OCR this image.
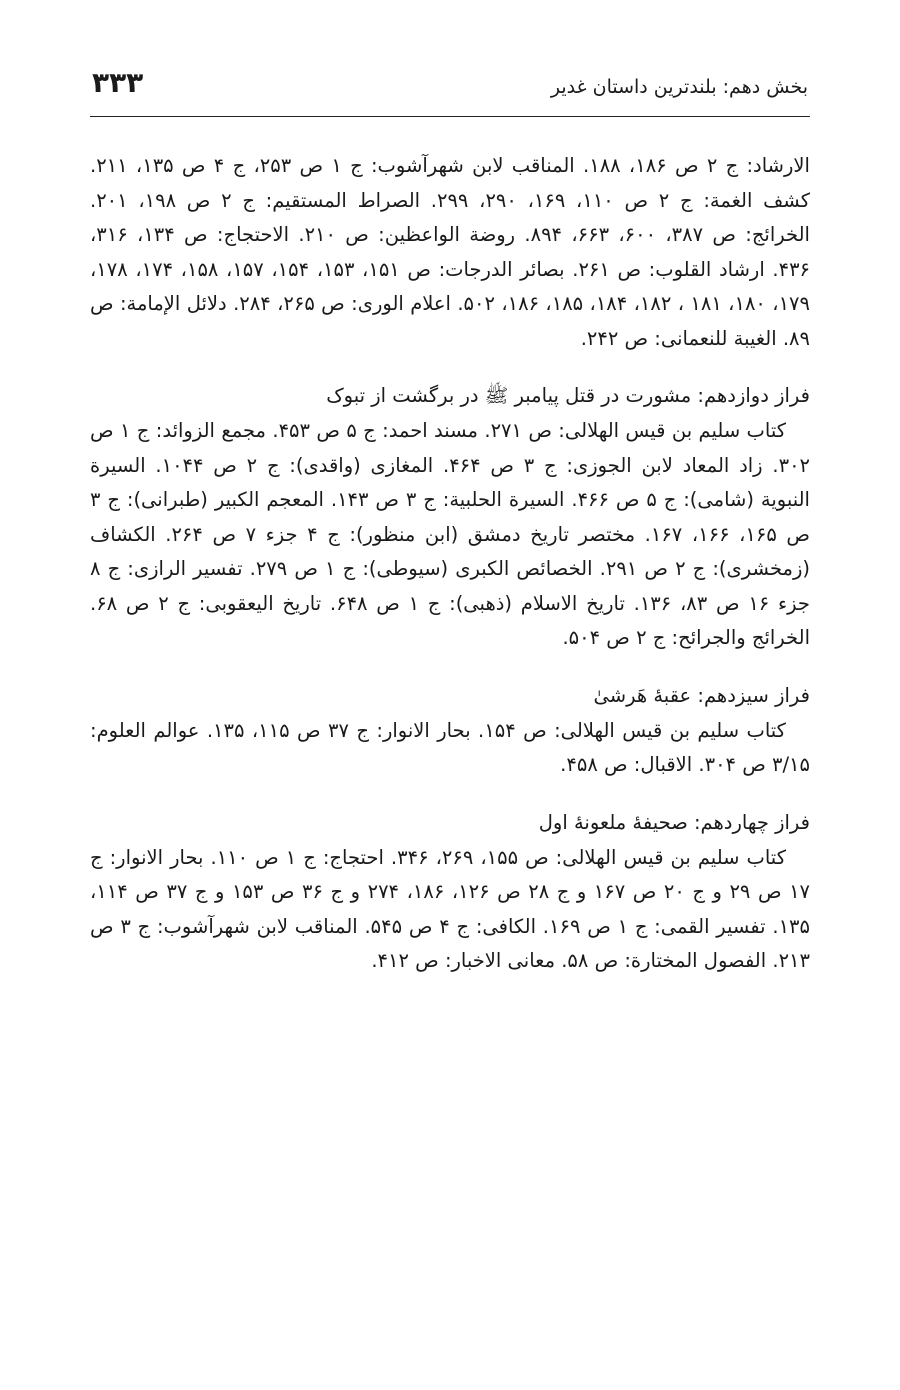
بخش دهم: بلندترین داستان غدیر
۳۳۳

الارشاد: ج ۲ ص ۱۸۶، ۱۸۸. المناقب لابن شهرآشوب: ج ۱ ص ۲۵۳، ج ۴ ص ۱۳۵، ۲۱۱. کشف الغمة: ج ۲ ص ۱۱۰، ۱۶۹، ۲۹۰، ۲۹۹. الصراط المستقیم: ج ۲ ص ۱۹۸، ۲۰۱. الخرائج: ص ۳۸۷، ۶۰۰، ۶۶۳، ۸۹۴. روضة الواعظین: ص ۲۱۰. الاحتجاج: ص ۱۳۴، ۳۱۶، ۴۳۶. ارشاد القلوب: ص ۲۶۱. بصائر الدرجات: ص ۱۵۱، ۱۵۳، ۱۵۴، ۱۵۷، ۱۵۸، ۱۷۴، ۱۷۸، ۱۷۹، ۱۸۰، ۱۸۱ ، ۱۸۲، ۱۸۴، ۱۸۵، ۱۸۶، ۵۰۲. اعلام الوری: ص ۲۶۵، ۲۸۴. دلائل الإمامة: ص ۸۹. الغیبة للنعمانی: ص ۲۴۲.

فراز دوازدهم: مشورت در قتل پیامبر ﷺ در برگشت از تبوک

کتاب سلیم بن قیس الهلالی: ص ۲۷۱. مسند احمد: ج ۵ ص ۴۵۳. مجمع الزوائد: ج ۱ ص ۳۰۲. زاد المعاد لابن الجوزی: ج ۳ ص ۴۶۴. المغازی (واقدی): ج ۲ ص ۱۰۴۴. السیرة النبویة (شامی): ج ۵ ص ۴۶۶. السیرة الحلبیة: ج ۳ ص ۱۴۳. المعجم الکبیر (طبرانی): ج ۳ ص ۱۶۵، ۱۶۶، ۱۶۷. مختصر تاریخ دمشق (ابن منظور): ج ۴ جزء ۷ ص ۲۶۴. الکشاف (زمخشری): ج ۲ ص ۲۹۱. الخصائص الکبری (سیوطی): ج ۱ ص ۲۷۹. تفسیر الرازی: ج ۸ جزء ۱۶ ص ۸۳، ۱۳۶. تاریخ الاسلام (ذهبی): ج ۱ ص ۶۴۸. تاریخ الیعقوبی: ج ۲ ص ۶۸. الخرائج والجرائح: ج ۲ ص ۵۰۴.

فراز سیزدهم: عقبهٔ هَرشیٰ

کتاب سلیم بن قیس الهلالی: ص ۱۵۴. بحار الانوار: ج ۳۷ ص ۱۱۵، ۱۳۵. عوالم العلوم: ۳/۱۵ ص ۳۰۴. الاقبال: ص ۴۵۸.

فراز چهاردهم: صحیفهٔ ملعونهٔ اول

کتاب سلیم بن قیس الهلالی: ص ۱۵۵، ۲۶۹، ۳۴۶. احتجاج: ج ۱ ص ۱۱۰. بحار الانوار: ج ۱۷ ص ۲۹ و ج ۲۰ ص ۱۶۷ و ج ۲۸ ص ۱۲۶، ۱۸۶، ۲۷۴ و ج ۳۶ ص ۱۵۳ و ج ۳۷ ص ۱۱۴، ۱۳۵. تفسیر القمی: ج ۱ ص ۱۶۹. الکافی: ج ۴ ص ۵۴۵. المناقب لابن شهرآشوب: ج ۳ ص ۲۱۳. الفصول المختارة: ص ۵۸. معانی الاخبار: ص ۴۱۲.
